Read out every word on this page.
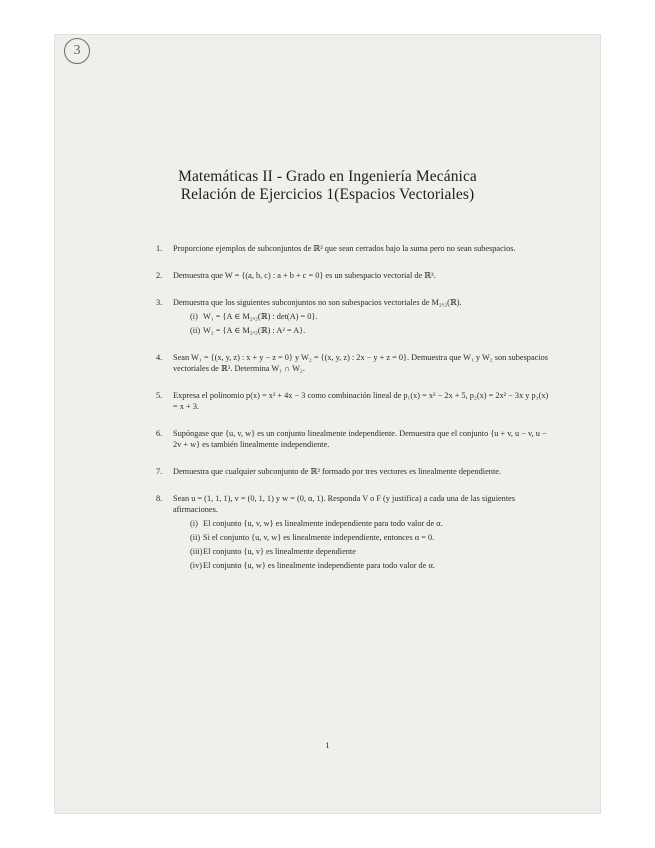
3
Matemáticas II - Grado en Ingeniería Mecánica
Relación de Ejercicios 1(Espacios Vectoriales)
1. Proporcione ejemplos de subconjuntos de ℝ² que sean cerrados bajo la suma pero no sean subespacios.
2. Demuestra que W = {(a, b, c) : a + b + c = 0} es un subespacio vectorial de ℝ³.
3. Demuestra que los siguientes subconjuntos no son subespacios vectoriales de M₂ₓ₂(ℝ).
(i) W₁ = {A ∈ M₂ₓ₂(ℝ) : det(A) = 0}.
(ii) W₂ = {A ∈ M₂ₓ₂(ℝ) : A² = A}.
4. Sean W₁ = {(x, y, z) : x + y − z = 0} y W₂ = {(x, y, z) : 2x − y + z = 0}. Demuestra que W₁ y W₂ son subespacios vectoriales de ℝ³. Determina W₁ ∩ W₂.
5. Expresa el polinomio p(x) = x² + 4x − 3 como combinación lineal de p₁(x) = x² − 2x + 5, p₂(x) = 2x² − 3x y p₃(x) = x + 3.
6. Supóngase que {u, v, w} es un conjunto linealmente independiente. Demuestra que el conjunto {u + v, u − v, u − 2v + w} es también linealmente independiente.
7. Demuestra que cualquier subconjunto de ℝ² formado por tres vectores es linealmente dependiente.
8. Sean u = (1, 1, 1), v = (0, 1, 1) y w = (0, α, 1). Responda V o F (y justifica) a cada una de las siguientes afirmaciones.
(i) El conjunto {u, v, w} es linealmente independiente para todo valor de α.
(ii) Si el conjunto {u, v, w} es linealmente independiente, entonces α = 0.
(iii) El conjunto {u, v} es linealmente dependiente
(iv) El conjunto {u, w} es linealmente independiente para todo valor de α.
1
